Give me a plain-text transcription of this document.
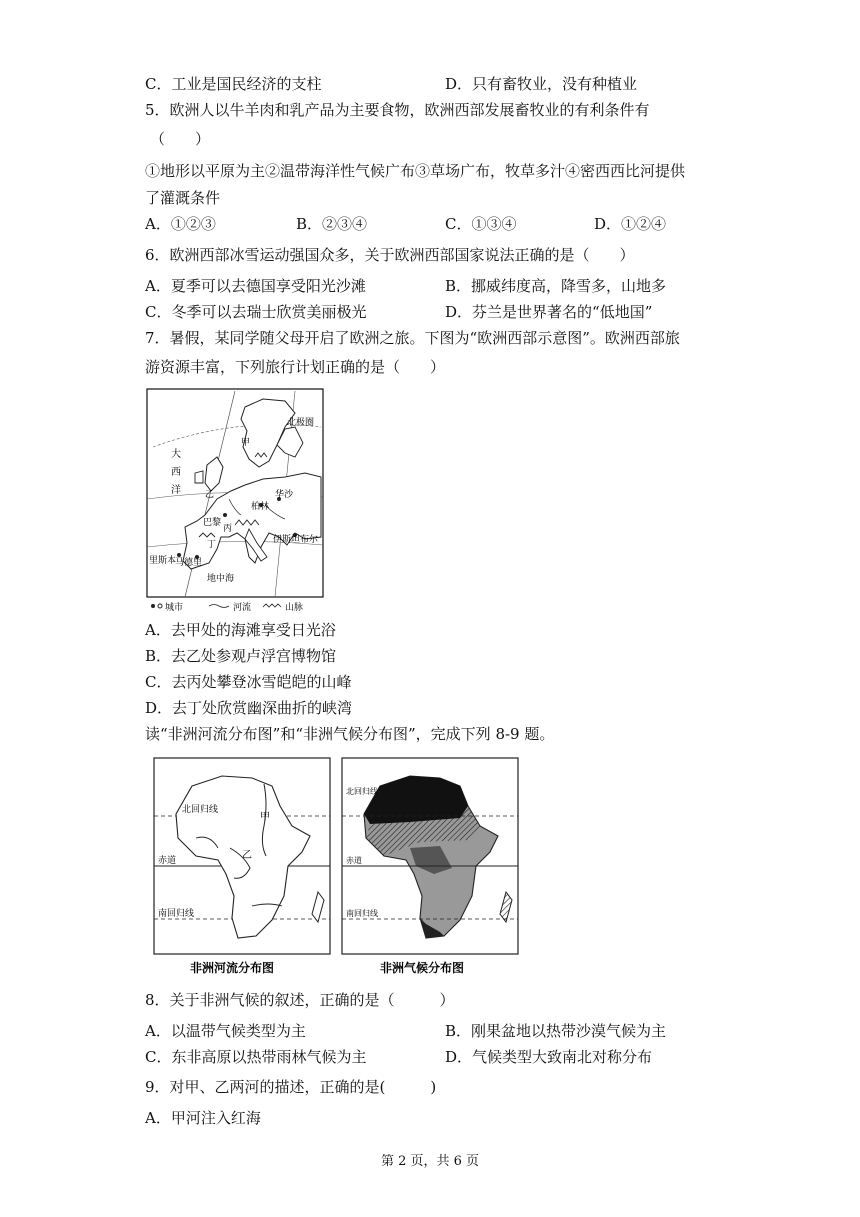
C．工业是国民经济的支柱	D．只有畜牧业，没有种植业
5．欧洲人以牛羊肉和乳产品为主要食物，欧洲西部发展畜牧业的有利条件有
（　　）
①地形以平原为主②温带海洋性气候广布③草场广布，牧草多汁④密西西比河提供
了灌溉条件
A．①②③	B．②③④	C．①③④	D．①②④
6．欧洲西部冰雪运动强国众多，关于欧洲西部国家说法正确的是（　　）
A．夏季可以去德国享受阳光沙滩	B．挪威纬度高，降雪多，山地多
C．冬季可以去瑞士欣赏美丽极光	D．芬兰是世界著名的“低地国”
7．暑假，某同学随父母开启了欧洲之旅。下图为“欧洲西部示意图”。欧洲西部旅
游资源丰富，下列旅行计划正确的是（　　）
北极圈
大
西
洋
甲
乙
丙
丁
巴黎
柏林
华沙
伊斯坦布尔
里斯本
马德里
地中海
城市	河流	山脉
A．去甲处的海滩享受日光浴
B．去乙处参观卢浮宫博物馆
C．去丙处攀登冰雪皑皑的山峰
D．去丁处欣赏幽深曲折的峡湾
读“非洲河流分布图”和“非洲气候分布图”，完成下列 8-9 题。
北回归线
赤道
南回归线
甲
乙
非洲河流分布图
北回归线
赤道
南回归线
非洲气候分布图
8．关于非洲气候的叙述，正确的是（　　　）
A．以温带气候类型为主	B．刚果盆地以热带沙漠气候为主
C．东非高原以热带雨林气候为主	D．气候类型大致南北对称分布
9．对甲、乙两河的描述，正确的是(　　　)
A．甲河注入红海
第 2 页，共 6 页
